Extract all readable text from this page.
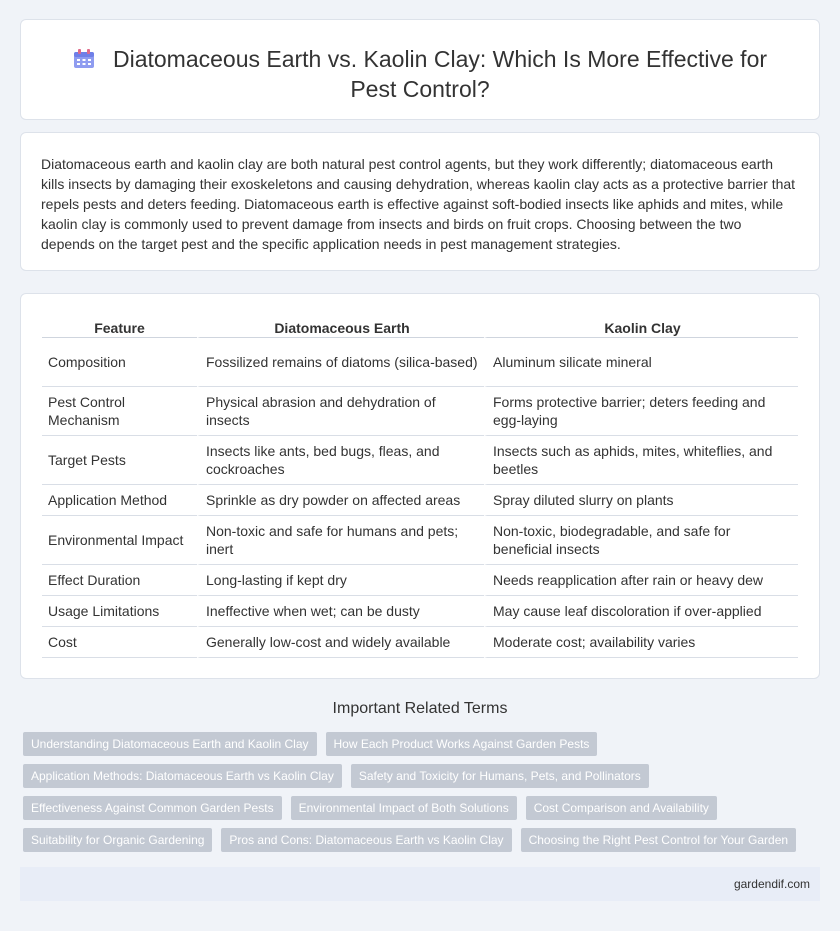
Diatomaceous Earth vs. Kaolin Clay: Which Is More Effective for Pest Control?

Diatomaceous earth and kaolin clay are both natural pest control agents, but they work differently; diatomaceous earth kills insects by damaging their exoskeletons and causing dehydration, whereas kaolin clay acts as a protective barrier that repels pests and deters feeding. Diatomaceous earth is effective against soft-bodied insects like aphids and mites, while kaolin clay is commonly used to prevent damage from insects and birds on fruit crops. Choosing between the two depends on the target pest and the specific application needs in pest management strategies.

Feature	Diatomaceous Earth	Kaolin Clay
Composition	Fossilized remains of diatoms (silica-based)	Aluminum silicate mineral
Pest Control Mechanism	Physical abrasion and dehydration of insects	Forms protective barrier; deters feeding and egg-laying
Target Pests	Insects like ants, bed bugs, fleas, and cockroaches	Insects such as aphids, mites, whiteflies, and beetles
Application Method	Sprinkle as dry powder on affected areas	Spray diluted slurry on plants
Environmental Impact	Non-toxic and safe for humans and pets; inert	Non-toxic, biodegradable, and safe for beneficial insects
Effect Duration	Long-lasting if kept dry	Needs reapplication after rain or heavy dew
Usage Limitations	Ineffective when wet; can be dusty	May cause leaf discoloration if over-applied
Cost	Generally low-cost and widely available	Moderate cost; availability varies
Important Related Terms
Understanding Diatomaceous Earth and Kaolin Clay	How Each Product Works Against Garden Pests
Application Methods: Diatomaceous Earth vs Kaolin Clay	Safety and Toxicity for Humans, Pets, and Pollinators
Effectiveness Against Common Garden Pests	Environmental Impact of Both Solutions	Cost Comparison and Availability
Suitability for Organic Gardening	Pros and Cons: Diatomaceous Earth vs Kaolin Clay	Choosing the Right Pest Control for Your Garden
gardendif.com
